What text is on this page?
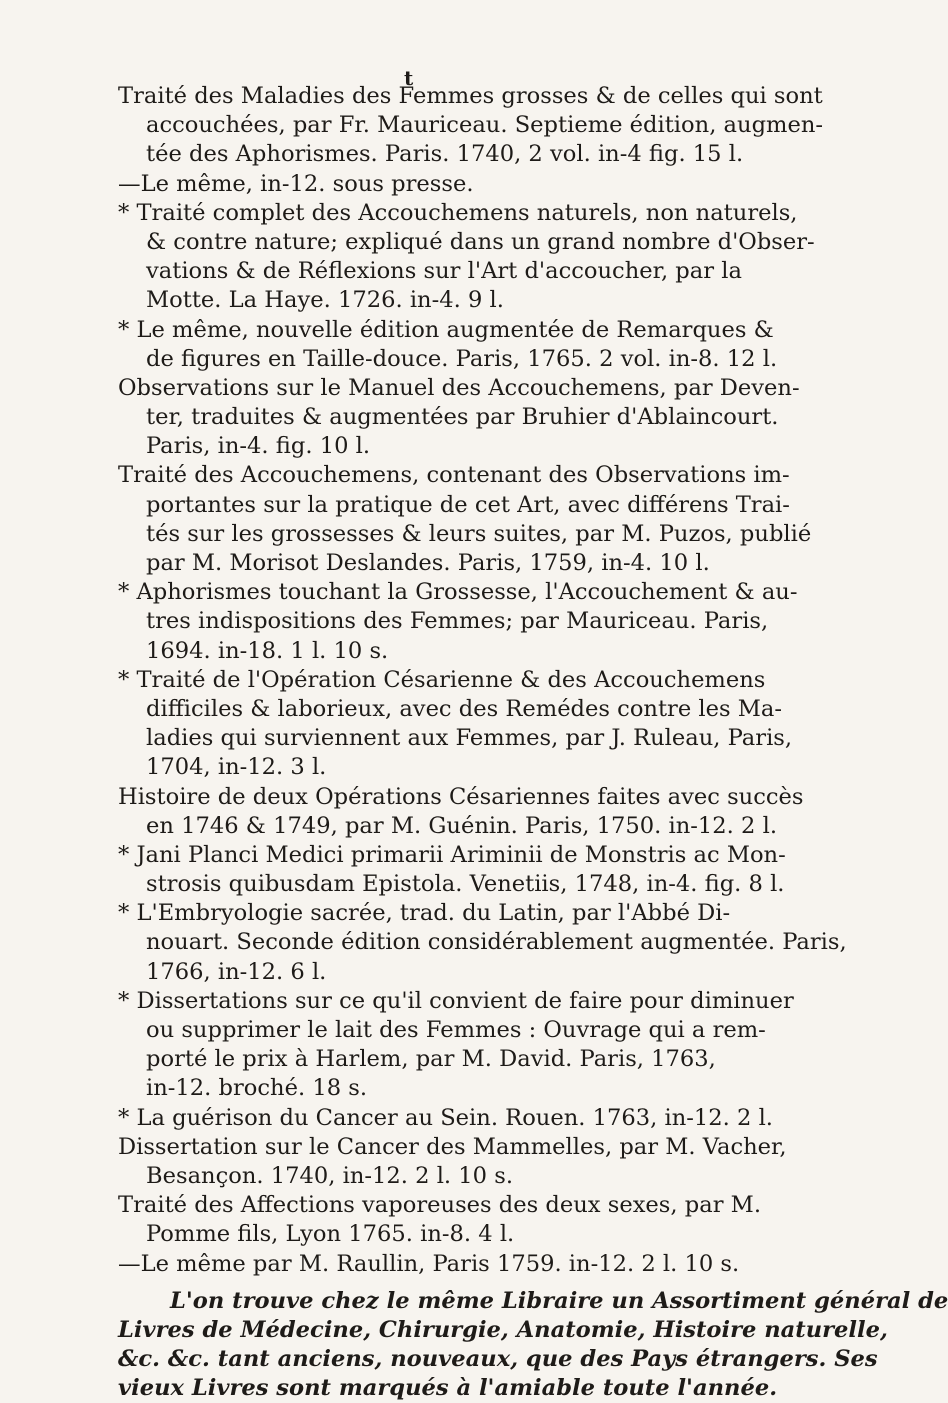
t
Traité des Maladies des Femmes grosses & de celles qui sont
accouchées, par Fr. Mauriceau. Septieme édition, augmen-
tée des Aphorismes. Paris. 1740, 2 vol. in-4 fig. 15 l.
—Le même, in-12. sous presse.
* Traité complet des Accouchemens naturels, non naturels,
& contre nature; expliqué dans un grand nombre d'Obser-
vations & de Réflexions sur l'Art d'accoucher, par la
Motte. La Haye. 1726. in-4. 9 l.
* Le même, nouvelle édition augmentée de Remarques &
de figures en Taille-douce. Paris, 1765. 2 vol. in-8. 12 l.
Observations sur le Manuel des Accouchemens, par Deven-
ter, traduites & augmentées par Bruhier d'Ablaincourt.
Paris, in-4. fig. 10 l.
Traité des Accouchemens, contenant des Observations im-
portantes sur la pratique de cet Art, avec différens Trai-
tés sur les grossesses & leurs suites, par M. Puzos, publié
par M. Morisot Deslandes. Paris, 1759, in-4. 10 l.
* Aphorismes touchant la Grossesse, l'Accouchement & au-
tres indispositions des Femmes; par Mauriceau. Paris,
1694. in-18. 1 l. 10 s.
* Traité de l'Opération Césarienne & des Accouchemens
difficiles & laborieux, avec des Remédes contre les Ma-
ladies qui surviennent aux Femmes, par J. Ruleau, Paris,
1704, in-12. 3 l.
Histoire de deux Opérations Césariennes faites avec succès
en 1746 & 1749, par M. Guénin. Paris, 1750. in-12. 2 l.
* Jani Planci Medici primarii Ariminii de Monstris ac Mon-
strosis quibusdam Epistola. Venetiis, 1748, in-4. fig. 8 l.
* L'Embryologie sacrée, trad. du Latin, par l'Abbé Di-
nouart. Seconde édition considérablement augmentée. Paris,
1766, in-12. 6 l.
* Dissertations sur ce qu'il convient de faire pour diminuer
ou supprimer le lait des Femmes : Ouvrage qui a rem-
porté le prix à Harlem, par M. David. Paris, 1763,
in-12. broché. 18 s.
* La guérison du Cancer au Sein. Rouen. 1763, in-12. 2 l.
Dissertation sur le Cancer des Mammelles, par M. Vacher,
Besançon. 1740, in-12. 2 l. 10 s.
Traité des Affections vaporeuses des deux sexes, par M.
Pomme fils, Lyon 1765. in-8. 4 l.
—Le même par M. Raullin, Paris 1759. in-12. 2 l. 10 s.
L'on trouve chez le même Libraire un Assortiment général de
Livres de Médecine, Chirurgie, Anatomie, Histoire naturelle,
&c. &c. tant anciens, nouveaux, que des Pays étrangers. Ses
vieux Livres sont marqués à l'amiable toute l'année.
